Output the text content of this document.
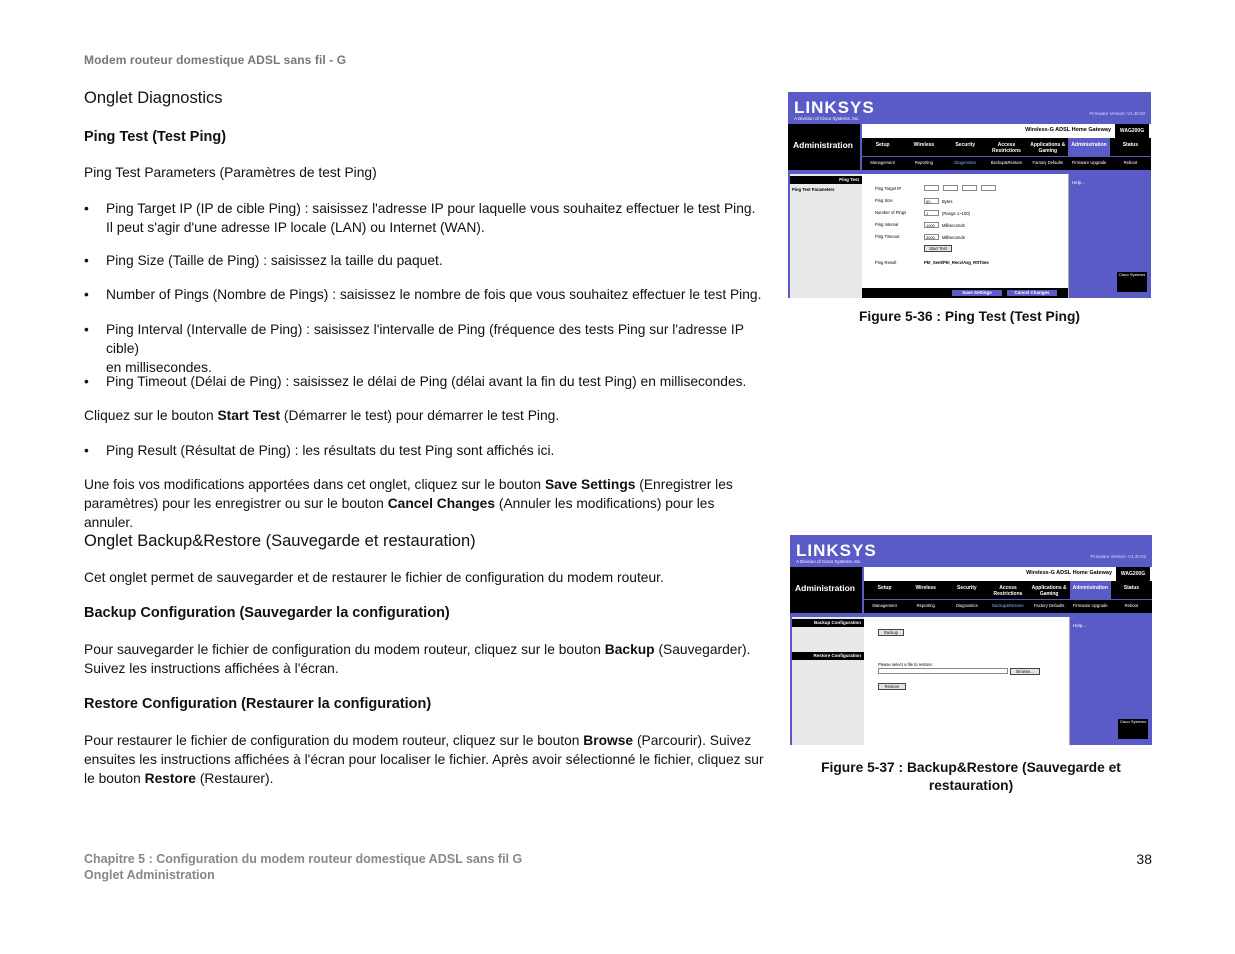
Modem routeur domestique ADSL sans fil - G
Onglet Diagnostics
Ping Test (Test Ping)
Ping Test Parameters (Paramètres de test Ping)
• Ping Target IP (IP de cible Ping) : saisissez l'adresse IP pour laquelle vous souhaitez effectuer le test Ping.
Il peut s'agir d'une adresse IP locale (LAN) ou Internet (WAN).
• Ping Size (Taille de Ping) : saisissez la taille du paquet.
• Number of Pings (Nombre de Pings) : saisissez le nombre de fois que vous souhaitez effectuer le test Ping.
• Ping Interval (Intervalle de Ping) : saisissez l'intervalle de Ping (fréquence des tests Ping sur l'adresse IP cible)
en millisecondes.
• Ping Timeout (Délai de Ping) : saisissez le délai de Ping (délai avant la fin du test Ping) en millisecondes.
Cliquez sur le bouton Start Test (Démarrer le test) pour démarrer le test Ping.
• Ping Result (Résultat de Ping) : les résultats du test Ping sont affichés ici.
Une fois vos modifications apportées dans cet onglet, cliquez sur le bouton Save Settings (Enregistrer les
paramètres) pour les enregistrer ou sur le bouton Cancel Changes (Annuler les modifications) pour les annuler.
Onglet Backup&Restore (Sauvegarde et restauration)
Cet onglet permet de sauvegarder et de restaurer le fichier de configuration du modem routeur.
Backup Configuration (Sauvegarder la configuration)
Pour sauvegarder le fichier de configuration du modem routeur, cliquez sur le bouton Backup (Sauvegarder).
Suivez les instructions affichées à l'écran.
Restore Configuration (Restaurer la configuration)
Pour restaurer le fichier de configuration du modem routeur, cliquez sur le bouton Browse (Parcourir). Suivez
ensuites les instructions affichées à l'écran pour localiser le fichier. Après avoir sélectionné le fichier, cliquez sur
le bouton Restore (Restaurer).
LINKSYS
A Division of Cisco Systems, Inc.
Firmware Version: V1.40.03
Administration
Wireless-G ADSL Home Gateway	WAG200G
Setup	Wireless	Security	Access Restrictions
Applications & Gaming
Administration	Status
Management	Reporting	Diagnostics	Backup&Restore	Factory Defaults	Firmware Upgrade	Reboot
Ping Test
Ping Test Parameters	Ping Target IP
Ping Size	60	Bytes
Number of Pings	1	(Range 1~100)
Ping Interval	1000	Milliseconds
Ping Timeout	3000	Milliseconds
Start Test
Ping Result	Pkt_Sent/Pkt_Recv/Avg_RttTime
Save Settings	Cancel Changes
Help...
Cisco Systems
Figure 5-36 : Ping Test (Test Ping)
LINKSYS
A Division of Cisco Systems, Inc.
Firmware Version: V1.40.03
Administration
Wireless-G ADSL Home Gateway	WAG200G
Setup	Wireless	Security	Access Restrictions
Applications & Gaming
Administration	Status
Management	Reporting	Diagnostics	Backup&Restore	Factory Defaults	Firmware Upgrade	Reboot
Backup Configuration
Restore Configuration
Backup
Please select a file to restore:
Browse...
Restore
Help...
Cisco Systems
Figure 5-37 : Backup&Restore (Sauvegarde et
restauration)
Chapitre 5 : Configuration du modem routeur domestique ADSL sans fil G
Onglet Administration
38
